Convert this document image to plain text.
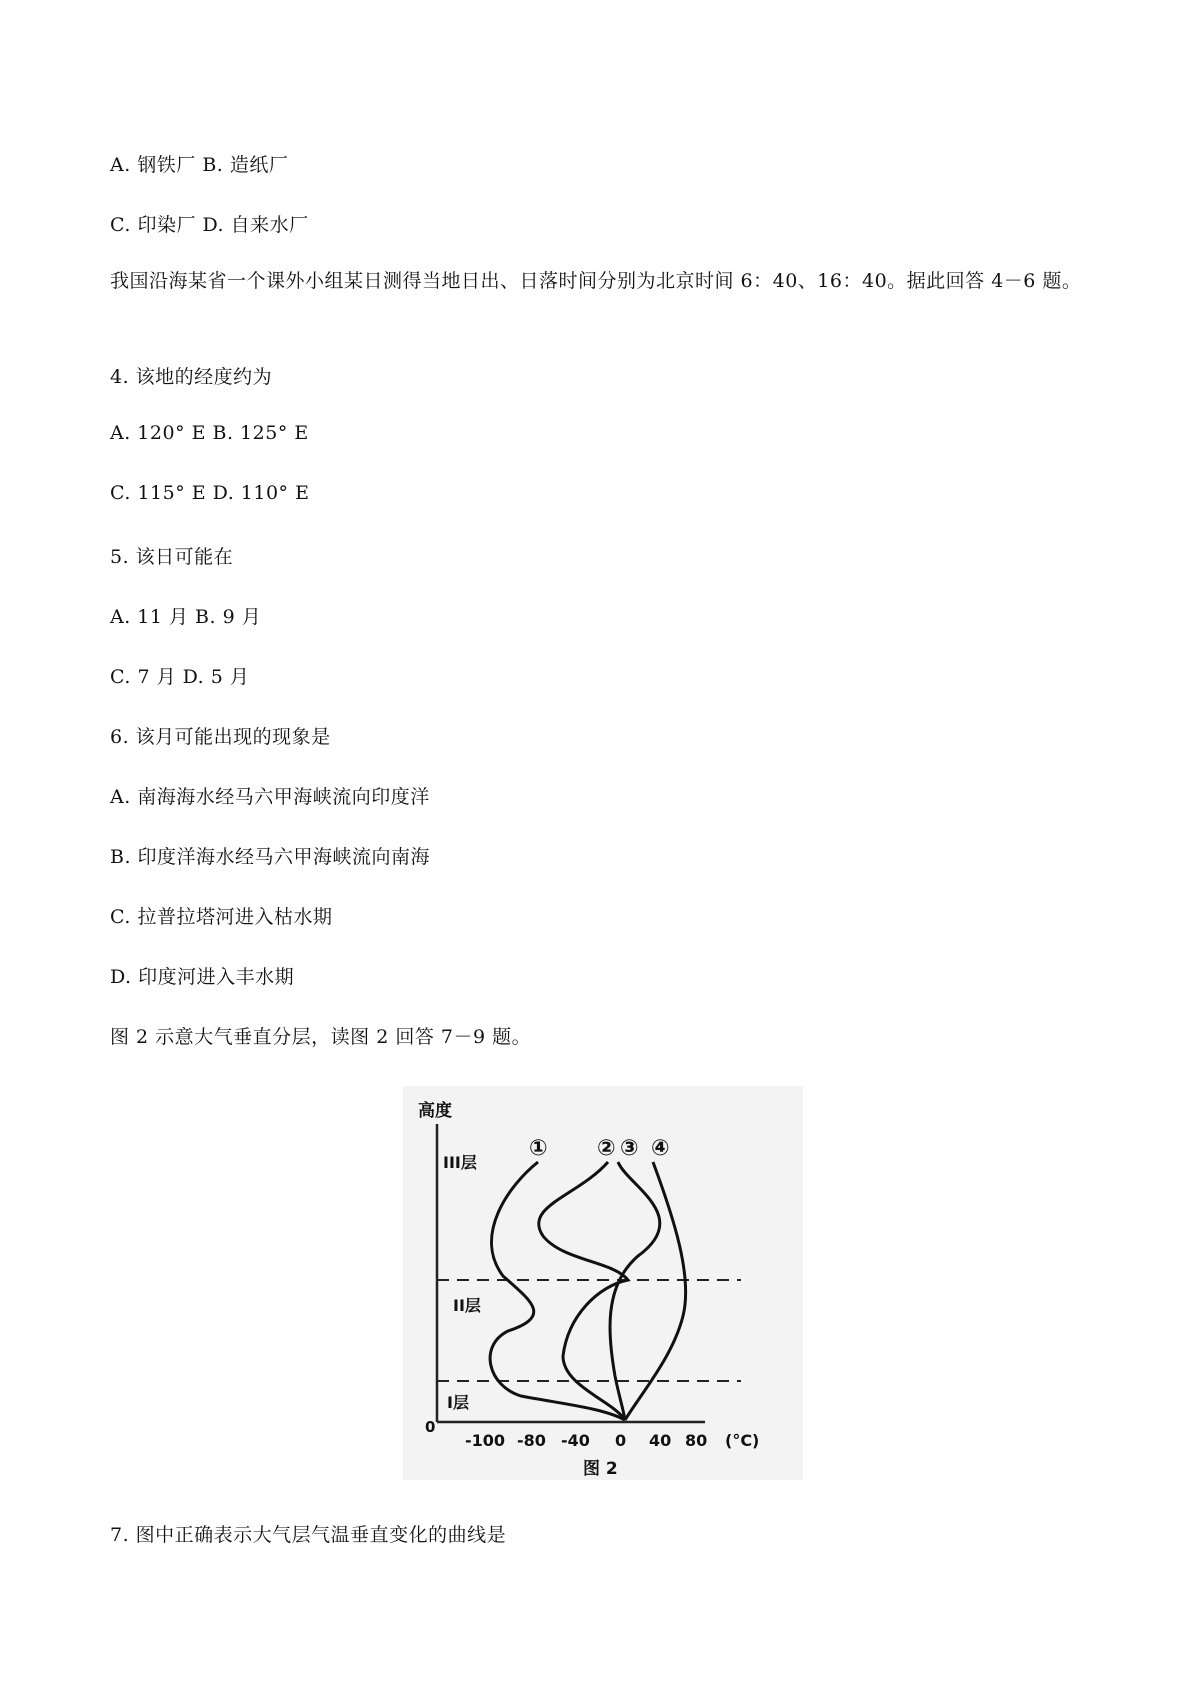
A. 钢铁厂 B. 造纸厂
C. 印染厂 D. 自来水厂
我国沿海某省一个课外小组某日测得当地日出、日落时间分别为北京时间 6：40、16：40。据此回答 4－6 题。
4. 该地的经度约为
A. 120° E B. 125° E
C. 115° E D. 110° E
5. 该日可能在
A. 11 月 B. 9 月
C. 7 月 D. 5 月
6. 该月可能出现的现象是
A. 南海海水经马六甲海峡流向印度洋
B. 印度洋海水经马六甲海峡流向南海
C. 拉普拉塔河进入枯水期
D. 印度河进入丰水期
图 2 示意大气垂直分层，读图 2 回答 7－9 题。
高度
0
III层
II层
I层
① ② ③ ④
-100 -80 -40 0 40 80 (°C)
图 2
7. 图中正确表示大气层气温垂直变化的曲线是
